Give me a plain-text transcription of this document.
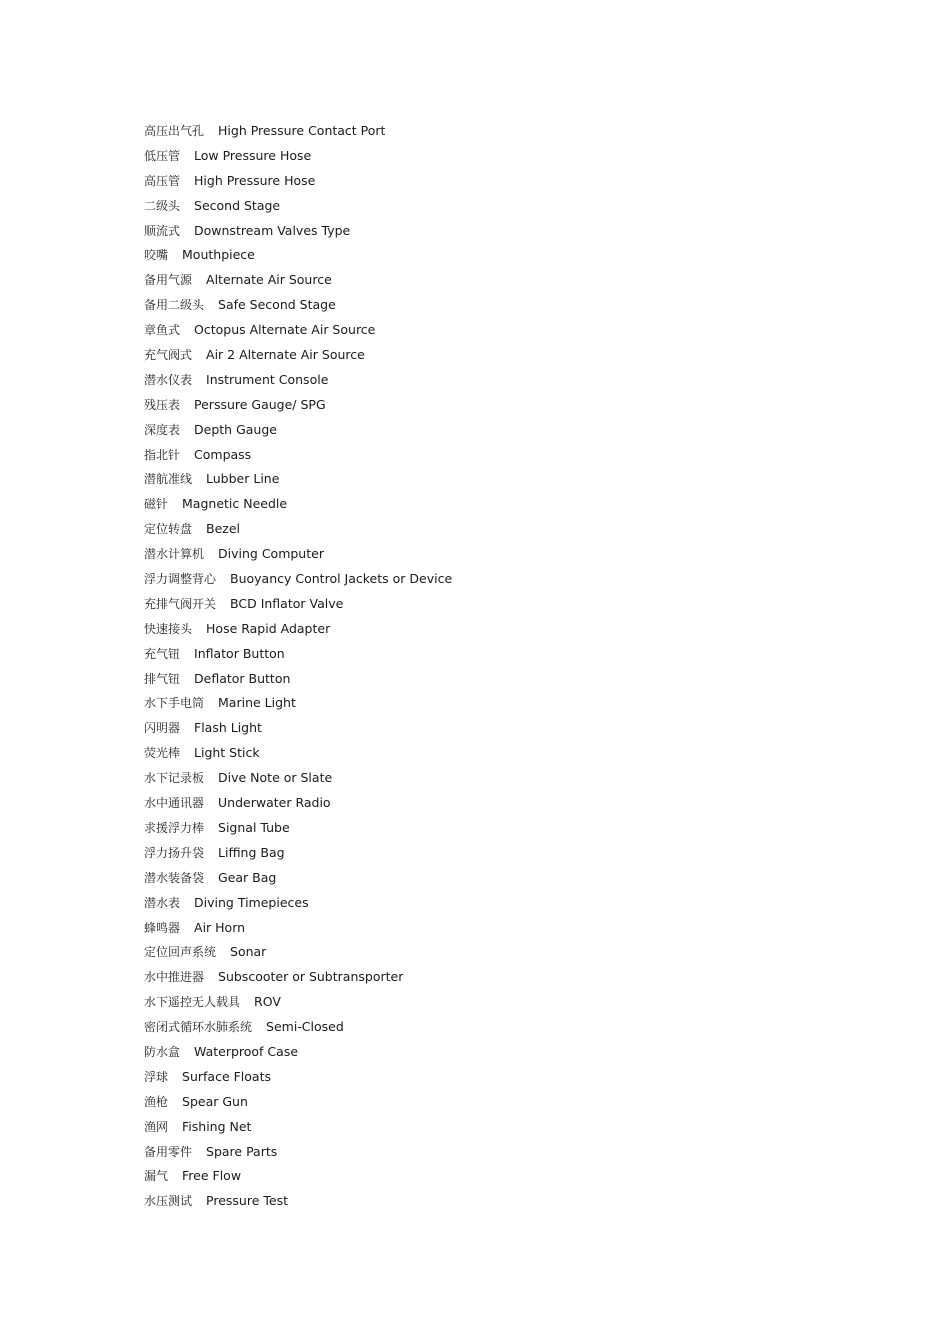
高压出气孔 High Pressure Contact Port
低压管 Low Pressure Hose
高压管 High Pressure Hose
二级头 Second Stage
顺流式 Downstream Valves Type
咬嘴 Mouthpiece
备用气源 Alternate Air Source
备用二级头 Safe Second Stage
章鱼式 Octopus Alternate Air Source
充气阀式 Air 2 Alternate Air Source
潜水仪表 Instrument Console
残压表 Perssure Gauge/ SPG
深度表 Depth Gauge
指北针 Compass
潜航准线 Lubber Line
磁针 Magnetic Needle
定位转盘 Bezel
潜水计算机 Diving Computer
浮力调整背心 Buoyancy Control Jackets or Device
充排气阀开关 BCD Inflator Valve
快速接头 Hose Rapid Adapter
充气钮 Inflator Button
排气钮 Deflator Button
水下手电筒 Marine Light
闪明器 Flash Light
荧光棒 Light Stick
水下记录板 Dive Note or Slate
水中通讯器 Underwater Radio
求援浮力棒 Signal Tube
浮力扬升袋 Liffing Bag
潜水装备袋 Gear Bag
潜水表 Diving Timepieces
蜂鸣器 Air Horn
定位回声系统 Sonar
水中推进器 Subscooter or Subtransporter
水下遥控无人载具 ROV
密闭式循环水肺系统 Semi-Closed
防水盒 Waterproof Case
浮球 Surface Floats
渔枪 Spear Gun
渔网 Fishing Net
备用零件 Spare Parts
漏气 Free Flow
水压测试 Pressure Test
